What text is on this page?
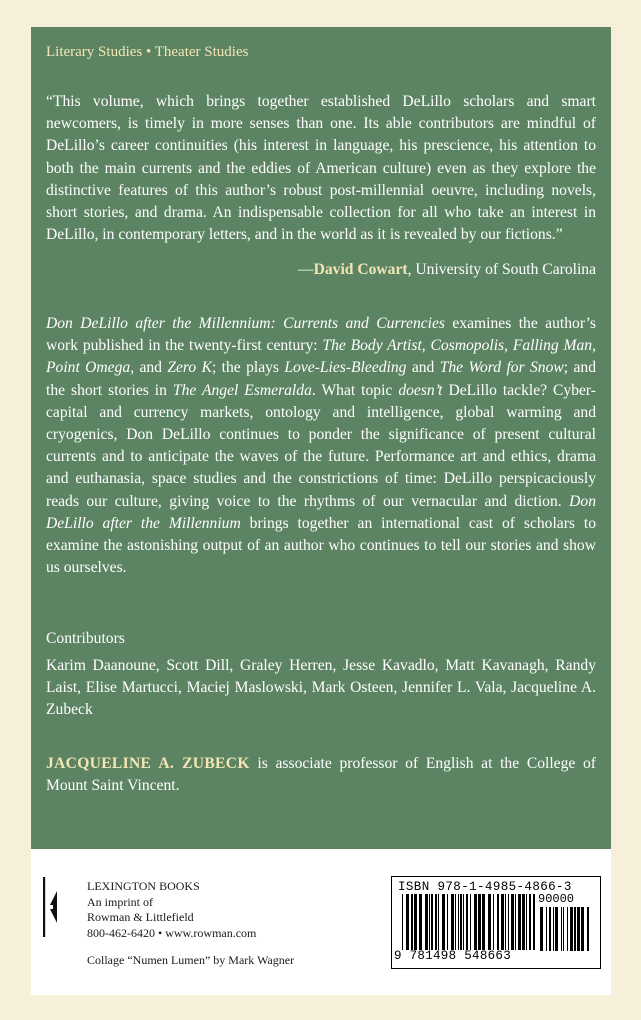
Literary Studies • Theater Studies
“This volume, which brings together established DeLillo scholars and smart newcomers, is timely in more senses than one. Its able contributors are mindful of DeLillo’s career continuities (his interest in language, his prescience, his attention to both the main currents and the eddies of American culture) even as they explore the distinctive features of this author’s robust post-millennial oeuvre, including novels, short stories, and drama. An indispensable collection for all who take an interest in DeLillo, in contemporary letters, and in the world as it is revealed by our fictions.”
—David Cowart, University of South Carolina
Don DeLillo after the Millennium: Currents and Currencies examines the author’s work published in the twenty-first century: The Body Artist, Cosmopolis, Falling Man, Point Omega, and Zero K; the plays Love-Lies-Bleeding and The Word for Snow; and the short stories in The Angel Esmeralda. What topic doesn’t DeLillo tackle? Cyber-capital and currency markets, ontology and intelligence, global warming and cryogenics, Don DeLillo continues to ponder the significance of present cultural currents and to anticipate the waves of the future. Performance art and ethics, drama and euthanasia, space studies and the constrictions of time: DeLillo perspicaciously reads our culture, giving voice to the rhythms of our vernacular and diction. Don DeLillo after the Millennium brings together an international cast of scholars to examine the astonishing output of an author who continues to tell our stories and show us ourselves.
Contributors
Karim Daanoune, Scott Dill, Graley Herren, Jesse Kavadlo, Matt Kavanagh, Randy Laist, Elise Martucci, Maciej Maslowski, Mark Osteen, Jennifer L. Vala, Jacqueline A. Zubeck
JACQUELINE A. ZUBECK is associate professor of English at the College of Mount Saint Vincent.
LEXINGTON BOOKS
An imprint of
Rowman & Littlefield
800-462-6420 • www.rowman.com
Collage “Numen Lumen” by Mark Wagner
ISBN 978-1-4985-4866-3
90000
9 781498 548663
